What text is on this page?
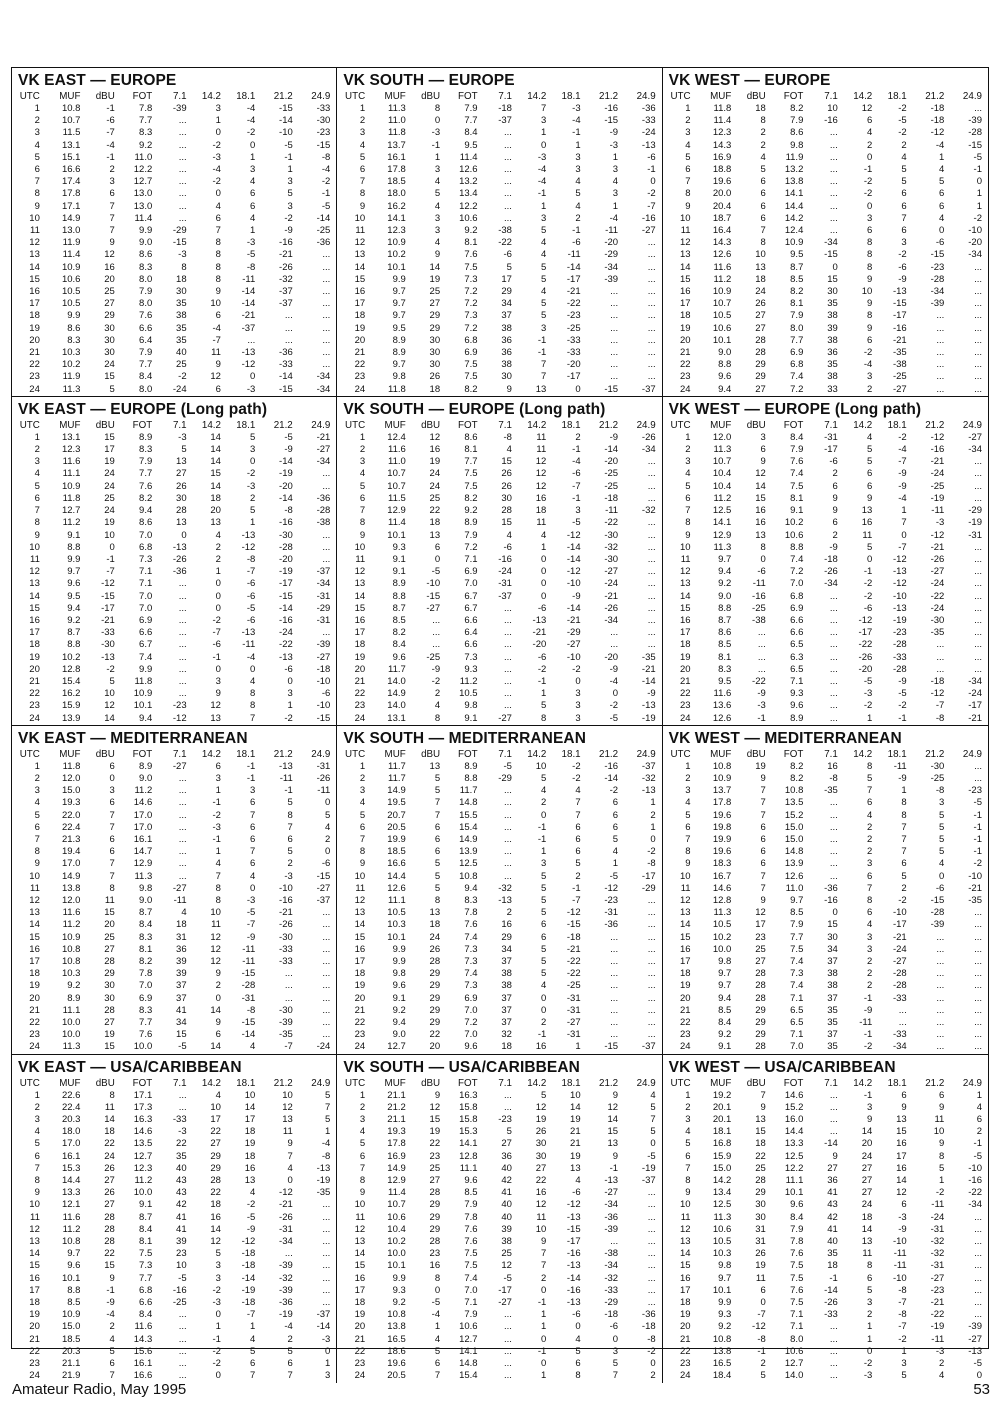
VK EAST — EUROPE
UTC	MUF	dBU	FOT	7.1	14.2	18.1	21.2	24.9
1	10.8	-1	7.8	-39	3	-4	-15	-33
2	10.7	-6	7.7	...	1	-4	-14	-30
3	11.5	-7	8.3	...	0	-2	-10	-23
4	13.1	-4	9.2	...	-2	0	-5	-15
5	15.1	-1	11.0	...	-3	1	-1	-8
6	16.6	2	12.2	...	-4	3	1	-4
7	17.4	3	12.7	...	-2	4	3	-2
8	17.8	6	13.0	...	0	6	5	-1
9	17.1	7	13.0	...	4	6	3	-5
10	14.9	7	11.4	...	6	4	-2	-14
11	13.0	7	9.9	-29	7	1	-9	-25
12	11.9	9	9.0	-15	8	-3	-16	-36
13	11.4	12	8.6	-3	8	-5	-21	...
14	10.9	16	8.3	8	8	-8	-26	...
15	10.6	20	8.0	18	8	-11	-32	...
16	10.5	25	7.9	30	9	-14	-37	...
17	10.5	27	8.0	35	10	-14	-37	...
18	9.9	29	7.6	38	6	-21	...	...
19	8.6	30	6.6	35	-4	-37	...	...
20	8.3	30	6.4	35	-7	...	...	...
21	10.3	30	7.9	40	11	-13	-36	...
22	10.2	24	7.7	25	9	-12	-33	...
23	11.9	15	8.4	-2	12	0	-14	-34
24	11.3	5	8.0	-24	6	-3	-15	-34
VK SOUTH — EUROPE
UTC	MUF	dBU	FOT	7.1	14.2	18.1	21.2	24.9
1	11.3	8	7.9	-18	7	-3	-16	-36
2	11.0	0	7.7	-37	3	-4	-15	-33
3	11.8	-3	8.4	...	1	-1	-9	-24
4	13.7	-1	9.5	...	0	1	-3	-13
5	16.1	1	11.4	...	-3	3	1	-6
6	17.8	3	12.6	...	-4	3	3	-1
7	18.5	4	13.2	...	-4	4	4	0
8	18.0	5	13.4	...	-1	5	3	-2
9	16.2	4	12.2	...	1	4	1	-7
10	14.1	3	10.6	...	3	2	-4	-16
11	12.3	3	9.2	-38	5	-1	-11	-27
12	10.9	4	8.1	-22	4	-6	-20	...
13	10.2	9	7.6	-6	4	-11	-29	...
14	10.1	14	7.5	5	5	-14	-34	...
15	9.9	19	7.3	17	5	-17	-39	...
16	9.7	25	7.2	29	4	-21	...	...
17	9.7	27	7.2	34	5	-22	...	...
18	9.7	29	7.3	37	5	-23	...	...
19	9.5	29	7.2	38	3	-25	...	...
20	8.9	30	6.8	36	-1	-33	...	...
21	8.9	30	6.9	36	-1	-33	...	...
22	9.7	30	7.5	38	7	-20	...	...
23	9.8	26	7.5	30	7	-17	...	...
24	11.8	18	8.2	9	13	0	-15	-37
VK WEST — EUROPE
UTC	MUF	dBU	FOT	7.1	14.2	18.1	21.2	24.9
1	11.8	18	8.2	10	12	-2	-18	...
2	11.4	8	7.9	-16	6	-5	-18	-39
3	12.3	2	8.6	...	4	-2	-12	-28
4	14.3	2	9.8	...	2	2	-4	-15
5	16.9	4	11.9	...	0	4	1	-5
6	18.8	5	13.2	...	-1	5	4	-1
7	19.6	6	13.8	...	-2	5	5	0
8	20.0	6	14.1	...	-2	6	6	1
9	20.4	6	14.4	...	0	6	6	1
10	18.7	6	14.2	...	3	7	4	-2
11	16.4	7	12.4	...	6	6	0	-10
12	14.3	8	10.9	-34	8	3	-6	-20
13	12.6	10	9.5	-15	8	-2	-15	-34
14	11.6	13	8.7	0	8	-6	-23	...
15	11.2	18	8.5	15	9	-9	-28	...
16	10.9	24	8.2	30	10	-13	-34	...
17	10.7	26	8.1	35	9	-15	-39	...
18	10.5	27	7.9	38	8	-17	...	...
19	10.6	27	8.0	39	9	-16	...	...
20	10.1	28	7.7	38	6	-21	...	...
21	9.0	28	6.9	36	-2	-35	...	...
22	8.8	29	6.8	35	-4	-38	...	...
23	9.6	29	7.4	38	3	-25	...	...
24	9.4	27	7.2	33	2	-27	...	...
VK EAST — EUROPE (Long path)
UTC	MUF	dBU	FOT	7.1	14.2	18.1	21.2	24.9
1	13.1	15	8.9	-3	14	5	-5	-21
2	12.3	17	8.3	5	14	3	-9	-27
3	11.6	19	7.9	13	14	0	-14	-34
4	11.1	24	7.7	27	15	-2	-19	...
5	10.9	24	7.6	26	14	-3	-20	...
6	11.8	25	8.2	30	18	2	-14	-36
7	12.7	24	9.4	28	20	5	-8	-28
8	11.2	19	8.6	13	13	1	-16	-38
9	9.1	10	7.0	0	4	-13	-30	...
10	8.8	0	6.8	-13	2	-12	-28	...
11	9.9	-1	7.3	-26	2	-8	-20	...
12	9.7	-7	7.1	-36	1	-7	-19	-37
13	9.6	-12	7.1	...	0	-6	-17	-34
14	9.5	-15	7.0	...	0	-6	-15	-31
15	9.4	-17	7.0	...	0	-5	-14	-29
16	9.2	-21	6.9	...	-2	-6	-16	-31
17	8.7	-33	6.6	...	-7	-13	-24	...
18	8.8	-30	6.7	...	-6	-11	-22	-39
19	10.2	-13	7.4	...	-1	-4	-13	-27
20	12.8	-2	9.9	...	0	0	-6	-18
21	15.4	5	11.8	...	3	4	0	-10
22	16.2	10	10.9	...	9	8	3	-6
23	15.9	12	10.1	-23	12	8	1	-10
24	13.9	14	9.4	-12	13	7	-2	-15
VK SOUTH — EUROPE (Long path)
UTC	MUF	dBU	FOT	7.1	14.2	18.1	21.2	24.9
1	12.4	12	8.6	-8	11	2	-9	-26
2	11.6	16	8.1	4	11	-1	-14	-34
3	11.0	19	7.7	15	12	-4	-20	...
4	10.7	24	7.5	26	12	-6	-25	...
5	10.7	24	7.5	26	12	-7	-25	...
6	11.5	25	8.2	30	16	-1	-18	...
7	12.9	22	9.2	28	18	3	-11	-32
8	11.4	18	8.9	15	11	-5	-22	...
9	10.1	13	7.9	4	4	-12	-30	...
10	9.3	6	7.2	-6	1	-14	-32	...
11	9.1	0	7.1	-16	0	-14	-30	...
12	9.1	-5	6.9	-24	0	-12	-27	...
13	8.9	-10	7.0	-31	0	-10	-24	...
14	8.8	-15	6.7	-37	0	-9	-21	...
15	8.7	-27	6.7	...	-6	-14	-26	...
16	8.5	...	6.6	...	-13	-21	-34	...
17	8.2	...	6.4	...	-21	-29	...	...
18	8.4	...	6.6	...	-20	-27	...	...
19	9.6	-25	7.3	...	-6	-10	-20	-35
20	11.7	-9	9.3	...	-2	-2	-9	-21
21	14.0	-2	11.2	...	-1	0	-4	-14
22	14.9	2	10.5	...	1	3	0	-9
23	14.0	4	9.8	...	5	3	-2	-13
24	13.1	8	9.1	-27	8	3	-5	-19
VK WEST — EUROPE (Long path)
UTC	MUF	dBU	FOT	7.1	14.2	18.1	21.2	24.9
1	12.0	3	8.4	-31	4	-2	-12	-27
2	11.3	6	7.9	-17	5	-4	-16	-34
3	10.7	9	7.6	-6	5	-7	-21	...
4	10.4	12	7.4	2	6	-9	-24	...
5	10.4	14	7.5	6	6	-9	-25	...
6	11.2	15	8.1	9	9	-4	-19	...
7	12.5	16	9.1	9	13	1	-11	-29
8	14.1	16	10.2	6	16	7	-3	-19
9	12.9	13	10.6	2	11	0	-12	-31
10	11.3	8	8.8	-9	5	-7	-21	...
11	9.7	0	7.4	-18	0	-12	-26	...
12	9.4	-6	7.2	-26	-1	-13	-27	...
13	9.2	-11	7.0	-34	-2	-12	-24	...
14	9.0	-16	6.8	...	-2	-10	-22	...
15	8.8	-25	6.9	...	-6	-13	-24	...
16	8.7	-38	6.6	...	-12	-19	-30	...
17	8.6	...	6.6	...	-17	-23	-35	...
18	8.5	...	6.5	...	-22	-28	...	...
19	8.1	...	6.3	...	-26	-33	...	...
20	8.3	...	6.5	...	-20	-28	...	...
21	9.5	-22	7.1	...	-5	-9	-18	-34
22	11.6	-9	9.3	...	-3	-5	-12	-24
23	13.6	-3	9.6	...	-2	-2	-7	-17
24	12.6	-1	8.9	...	1	-1	-8	-21
VK EAST — MEDITERRANEAN
UTC	MUF	dBU	FOT	7.1	14.2	18.1	21.2	24.9
1	11.8	6	8.9	-27	6	-1	-13	-31
2	12.0	0	9.0	...	3	-1	-11	-26
3	15.0	3	11.2	...	1	3	-1	-11
4	19.3	6	14.6	...	-1	6	5	0
5	22.0	7	17.0	...	-2	7	8	5
6	22.4	7	17.0	...	-3	6	7	4
7	21.3	6	16.1	...	-1	6	6	2
8	19.4	6	14.7	...	1	7	5	0
9	17.0	7	12.9	...	4	6	2	-6
10	14.9	7	11.3	...	7	4	-3	-15
11	13.8	8	9.8	-27	8	0	-10	-27
12	12.0	11	9.0	-11	8	-3	-16	-37
13	11.6	15	8.7	4	10	-5	-21	...
14	11.2	20	8.4	18	11	-7	-26	...
15	10.9	25	8.3	31	12	-9	-30	...
16	10.8	27	8.1	36	12	-11	-33	...
17	10.8	28	8.2	39	12	-11	-33	...
18	10.3	29	7.8	39	9	-15	...	...
19	9.2	30	7.0	37	2	-28	...	...
20	8.9	30	6.9	37	0	-31	...	...
21	11.1	28	8.3	41	14	-8	-30	...
22	10.0	27	7.7	34	9	-15	-39	...
23	10.0	19	7.6	15	6	-14	-35	...
24	11.3	15	10.0	-5	14	4	-7	-24
VK SOUTH — MEDITERRANEAN
UTC	MUF	dBU	FOT	7.1	14.2	18.1	21.2	24.9
1	11.7	13	8.9	-5	10	-2	-16	-37
2	11.7	5	8.8	-29	5	-2	-14	-32
3	14.9	5	11.7	...	4	4	-2	-13
4	19.5	7	14.8	...	2	7	6	1
5	20.7	7	15.5	...	0	7	6	2
6	20.5	6	15.4	...	-1	6	6	1
7	19.9	6	14.9	...	-1	6	5	0
8	18.5	6	13.9	...	1	6	4	-2
9	16.6	5	12.5	...	3	5	1	-8
10	14.4	5	10.8	...	5	2	-5	-17
11	12.6	5	9.4	-32	5	-1	-12	-29
12	11.1	8	8.3	-13	5	-7	-23	...
13	10.5	13	7.8	2	5	-12	-31	...
14	10.3	18	7.6	16	6	-15	-36	...
15	10.1	24	7.4	29	6	-18	...	...
16	9.9	26	7.3	34	5	-21	...	...
17	9.9	28	7.3	37	5	-22	...	...
18	9.8	29	7.4	38	5	-22	...	...
19	9.6	29	7.3	38	4	-25	...	...
20	9.1	29	6.9	37	0	-31	...	...
21	9.2	29	7.0	37	0	-31	...	...
22	9.4	29	7.2	37	2	-27	...	...
23	9.0	22	7.0	32	-1	-31	...	...
24	12.7	20	9.6	18	16	1	-15	-37
VK WEST — MEDITERRANEAN
UTC	MUF	dBU	FOT	7.1	14.2	18.1	21.2	24.9
1	10.8	19	8.2	16	8	-11	-30	...
2	10.9	9	8.2	-8	5	-9	-25	...
3	13.7	7	10.8	-35	7	1	-8	-23
4	17.8	7	13.5	...	6	8	3	-5
5	19.6	7	15.2	...	4	8	5	-1
6	19.8	6	15.0	...	2	7	5	-1
7	19.9	6	15.0	...	2	7	5	-1
8	19.6	6	14.8	...	2	7	5	-1
9	18.3	6	13.9	...	3	6	4	-2
10	16.7	7	12.6	...	6	5	0	-10
11	14.6	7	11.0	-36	7	2	-6	-21
12	12.8	9	9.7	-16	8	-2	-15	-35
13	11.3	12	8.5	0	6	-10	-28	...
14	10.5	17	7.9	15	4	-17	-39	...
15	10.2	23	7.7	30	3	-21	...	...
16	10.0	25	7.5	34	3	-24	...	...
17	9.8	27	7.4	37	2	-27	...	...
18	9.7	28	7.3	38	2	-28	...	...
19	9.7	28	7.4	38	2	-28	...	...
20	9.4	28	7.1	37	-1	-33	...	...
21	8.5	29	6.5	35	-9	...	...	...
22	8.4	29	6.5	35	-11	...	...	...
23	9.2	29	7.1	37	-1	-33	...	...
24	9.1	28	7.0	35	-2	-34	...	...
VK EAST — USA/CARIBBEAN
UTC	MUF	dBU	FOT	7.1	14.2	18.1	21.2	24.9
1	22.6	8	17.1	...	4	10	10	5
2	22.4	11	17.3	...	10	14	12	7
3	20.3	14	16.3	-33	17	17	13	5
4	18.0	18	14.6	-3	22	18	11	1
5	17.0	22	13.5	22	27	19	9	-4
6	16.1	24	12.7	35	29	18	7	-8
7	15.3	26	12.3	40	29	16	4	-13
8	14.4	27	11.2	43	28	13	0	-19
9	13.3	26	10.0	43	22	4	-12	-35
10	12.1	27	9.1	42	18	-2	-21	...
11	11.6	28	8.7	41	16	-5	-26	...
12	11.2	28	8.4	41	14	-9	-31	...
13	10.8	28	8.1	39	12	-12	-34	...
14	9.7	22	7.5	23	5	-18	...	...
15	9.6	15	7.3	10	3	-18	-39	...
16	10.1	9	7.7	-5	3	-14	-32	...
17	8.8	-1	6.8	-16	-2	-19	-39	...
18	8.5	-9	6.6	-25	-3	-18	-36	...
19	10.9	-4	8.4	...	0	-7	-19	-37
20	15.0	2	11.6	...	1	1	-4	-14
21	18.5	4	14.3	...	-1	4	2	-3
22	20.3	5	15.6	...	-2	5	5	0
23	21.1	6	16.1	...	-2	6	6	1
24	21.9	7	16.6	...	0	7	7	3
VK SOUTH — USA/CARIBBEAN
UTC	MUF	dBU	FOT	7.1	14.2	18.1	21.2	24.9
1	21.1	9	16.3	...	5	10	9	4
2	21.2	12	15.8	...	12	14	12	5
3	21.1	15	15.8	-23	19	19	14	7
4	19.3	19	15.3	5	26	21	15	5
5	17.8	22	14.1	27	30	21	13	0
6	16.9	23	12.8	36	30	19	9	-5
7	14.9	25	11.1	40	27	13	-1	-19
8	12.9	27	9.6	42	22	4	-13	-37
9	11.4	28	8.5	41	16	-6	-27	...
10	10.7	29	7.9	40	12	-12	-34	...
11	10.6	29	7.8	40	11	-13	-36	...
12	10.4	29	7.6	39	10	-15	-39	...
13	10.2	28	7.6	38	9	-17	...	...
14	10.0	23	7.5	25	7	-16	-38	...
15	10.1	16	7.5	12	7	-13	-34	...
16	9.9	8	7.4	-5	2	-14	-32	...
17	9.3	0	7.0	-17	0	-16	-33	...
18	9.2	-5	7.1	-27	-1	-13	-29	...
19	10.8	-4	7.9	...	1	-6	-18	-36
20	13.8	1	10.6	...	1	0	-6	-18
21	16.5	4	12.7	...	0	4	0	-8
22	18.6	5	14.1	...	-1	5	3	-2
23	19.6	6	14.8	...	0	6	5	0
24	20.5	7	15.4	...	1	8	7	2
VK WEST — USA/CARIBBEAN
UTC	MUF	dBU	FOT	7.1	14.2	18.1	21.2	24.9
1	19.2	7	14.6	...	-1	6	6	1
2	20.1	9	15.2	...	3	9	9	4
3	20.1	13	16.0	...	9	13	11	6
4	18.1	15	14.4	...	14	15	10	2
5	16.8	18	13.3	-14	20	16	9	-1
6	15.9	22	12.5	9	24	17	8	-5
7	15.0	25	12.2	27	27	16	5	-10
8	14.2	28	11.1	36	27	14	1	-16
9	13.4	29	10.1	41	27	12	-2	-22
10	12.5	30	9.6	43	24	6	-11	-34
11	11.3	30	8.4	42	18	-3	-24	...
12	10.6	31	7.9	41	14	-9	-31	...
13	10.5	31	7.8	40	13	-10	-32	...
14	10.3	26	7.6	35	11	-11	-32	...
15	9.8	19	7.5	18	8	-11	-31	...
16	9.7	11	7.5	-1	6	-10	-27	...
17	10.1	6	7.6	-14	5	-8	-23	...
18	9.9	0	7.5	-26	3	-7	-21	...
19	9.3	-7	7.1	-33	2	-8	-22	...
20	9.2	-12	7.1	...	1	-7	-19	-39
21	10.8	-8	8.0	...	1	-2	-11	-27
22	13.8	-1	10.6	...	0	1	-3	-13
23	16.5	2	12.7	...	-2	3	2	-5
24	18.4	5	14.0	...	-3	5	4	0
Amateur Radio, May 1995	53
